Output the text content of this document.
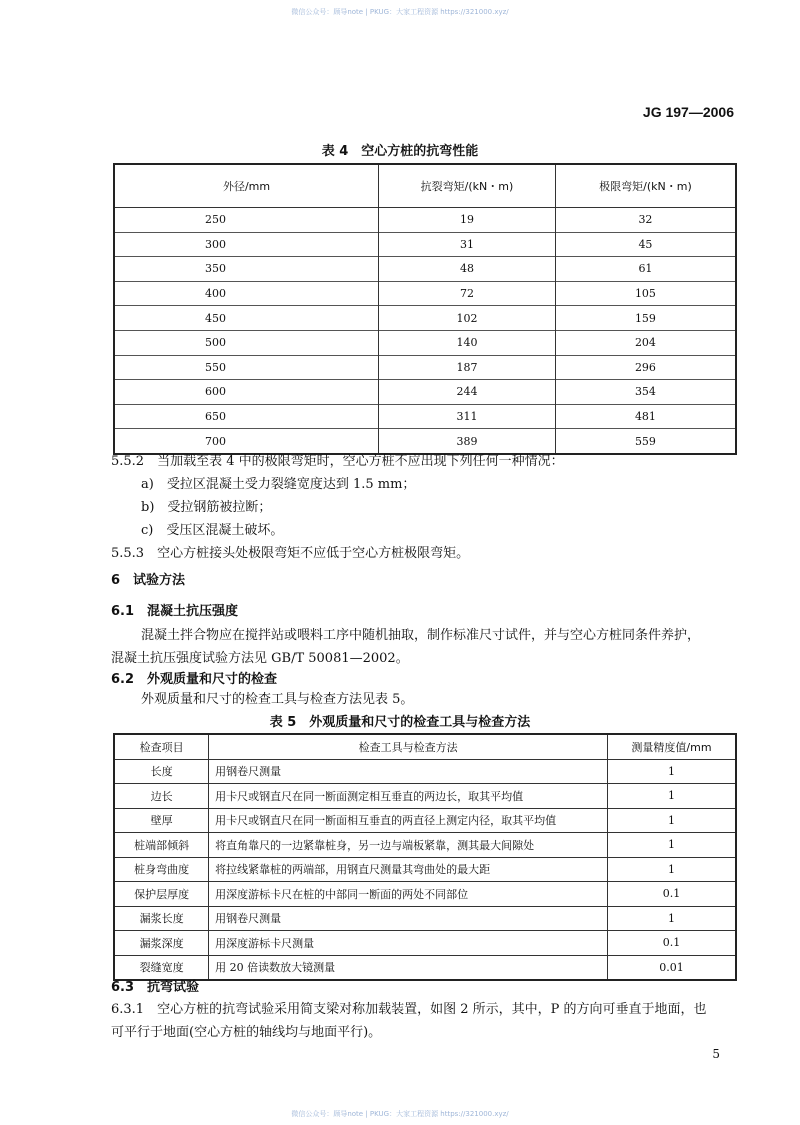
微信公众号：顾导note | PKUG：大家工程资源 https://321000.xyz/
JG 197—2006
表 4　空心方桩的抗弯性能
外径/mm	抗裂弯矩/(kN・m)	极限弯矩/(kN・m)
250	19	32
300	31	45
350	48	61
400	72	105
450	102	159
500	140	204
550	187	296
600	244	354
650	311	481
700	389	559
5.5.2　当加载至表 4 中的极限弯矩时，空心方桩不应出现下列任何一种情况：
a)　受拉区混凝土受力裂缝宽度达到 1.5 mm；
b)　受拉钢筋被拉断；
c)　受压区混凝土破坏。
5.5.3　空心方桩接头处极限弯矩不应低于空心方桩极限弯矩。
6　试验方法
6.1　混凝土抗压强度
混凝土拌合物应在搅拌站或喂料工序中随机抽取，制作标准尺寸试件，并与空心方桩同条件养护，
混凝土抗压强度试验方法见 GB/T 50081—2002。
6.2　外观质量和尺寸的检查
外观质量和尺寸的检查工具与检查方法见表 5。
表 5　外观质量和尺寸的检查工具与检查方法
检查项目	检查工具与检查方法	测量精度值/mm
长度	用钢卷尺测量	1
边长	用卡尺或钢直尺在同一断面测定相互垂直的两边长，取其平均值	1
壁厚	用卡尺或钢直尺在同一断面相互垂直的两直径上测定内径，取其平均值	1
桩端部倾斜	将直角靠尺的一边紧靠桩身，另一边与端板紧靠，测其最大间隙处	1
桩身弯曲度	将拉线紧靠桩的两端部，用钢直尺测量其弯曲处的最大距	1
保护层厚度	用深度游标卡尺在桩的中部同一断面的两处不同部位	0.1
漏浆长度	用钢卷尺测量	1
漏浆深度	用深度游标卡尺测量	0.1
裂缝宽度	用 20 倍读数放大镜测量	0.01
6.3　抗弯试验
6.3.1　空心方桩的抗弯试验采用简支梁对称加载装置，如图 2 所示，其中，P 的方向可垂直于地面，也
可平行于地面(空心方桩的轴线均与地面平行)。
5
微信公众号：顾导note | PKUG：大家工程资源 https://321000.xyz/
